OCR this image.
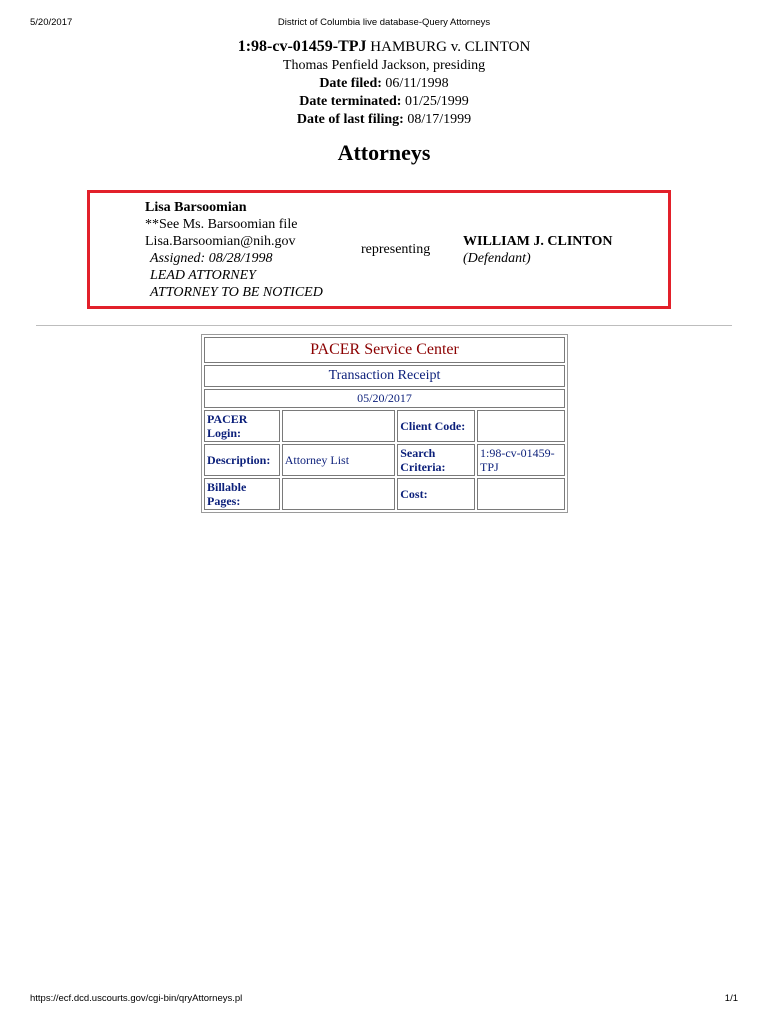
5/20/2017	District of Columbia live database-Query Attorneys
1:98-cv-01459-TPJ HAMBURG v. CLINTON
Thomas Penfield Jackson, presiding
Date filed: 06/11/1998
Date terminated: 01/25/1999
Date of last filing: 08/17/1999
Attorneys
Lisa Barsoomian
**See Ms. Barsoomian file
Lisa.Barsoomian@nih.gov
Assigned: 08/28/1998
LEAD ATTORNEY
ATTORNEY TO BE NOTICED
representing
WILLIAM J. CLINTON
(Defendant)
PACER Service Center			
Transaction Receipt			
05/20/2017			
PACER Login:		Client Code:	
Description:	Attorney List	Search Criteria:	1:98-cv-01459-TPJ
Billable Pages:		Cost:	
https://ecf.dcd.uscourts.gov/cgi-bin/qryAttorneys.pl	1/1
